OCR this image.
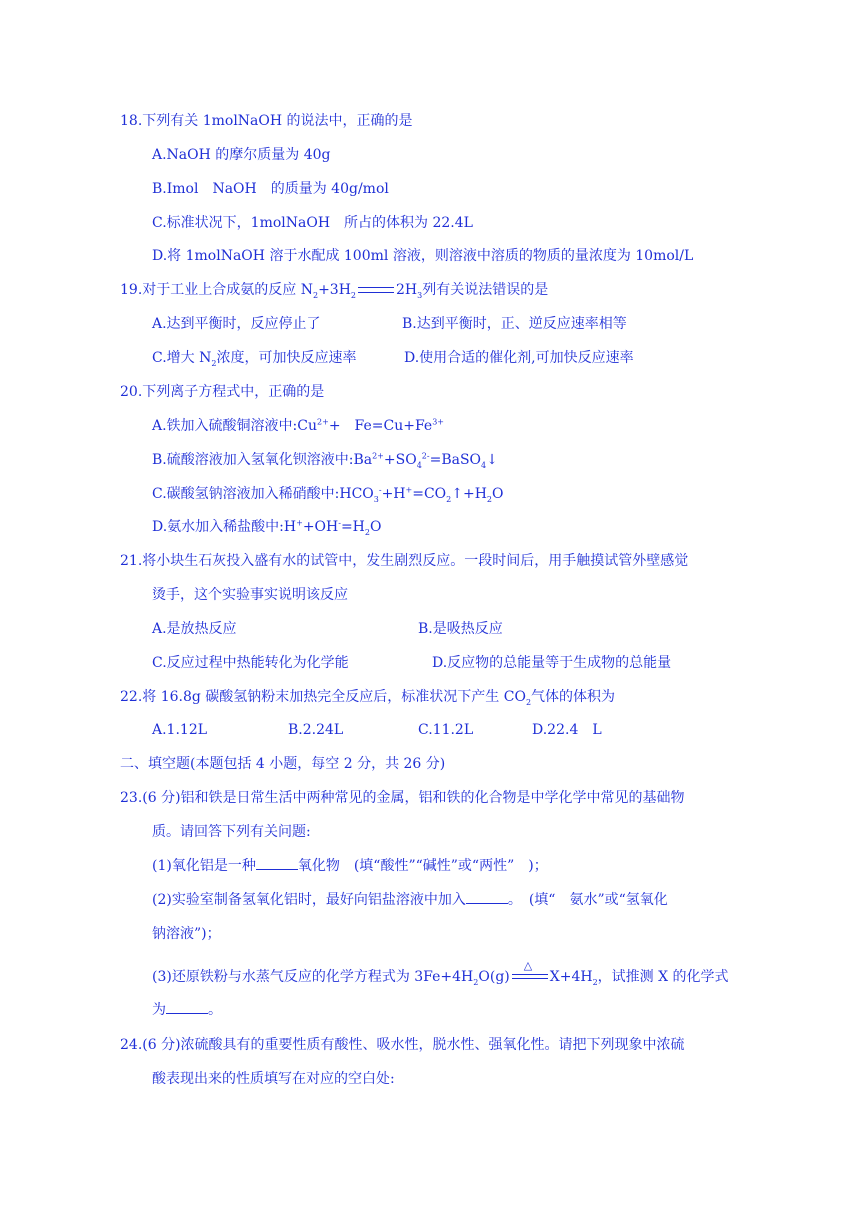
18.下列有关 1molNaOH 的说法中，正确的是
A.NaOH 的摩尔质量为 40g
B.Imol　NaOH　的质量为 40g/mol
C.标准状况下，1molNaOH　所占的体积为 22.4L
D.将 1molNaOH 溶于水配成 100ml 溶液，则溶液中溶质的物质的量浓度为 10mol/L
19.对于工业上合成氨的反应 $N_2+3H_2$	$2H_3$列有关说法错误的是
A.达到平衡时，反应停止了	B.达到平衡时，正、逆反应速率相等
C.增大 $N_2$浓度，可加快反应速率	D.使用合适的催化剂,可加快反应速率
20.下列离子方程式中，正确的是
A.铁加入硫酸铜溶液中$:Cu^{2+}+$　$Fe=Cu+Fe^{3+}$
B.硫酸溶液加入氢氧化钡溶液中$:Ba^{2+}+SO_4^{2-}=BaSO_4↓$
C.碳酸氢钠溶液加入稀硝酸中$:HCO_3^-+H^+=CO_2↑+H_2O$
D.氨水加入稀盐酸中$:H^++OH^-=H_2O$
21.将小块生石灰投入盛有水的试管中，发生剧烈反应。一段时间后，用手触摸试管外壁感觉
烫手，这个实验事实说明该反应
A.是放热反应	B.是吸热反应
C.反应过程中热能转化为化学能	D.反应物的总能量等于生成物的总能量
22.将 16.8g 碳酸氢钠粉末加热完全反应后，标准状况下产生 $CO_2$气体的体积为
A.1.12L	B.2.24L	C.11.2L	D.22.4　L
二、填空题(本题包括 4 小题，每空 2 分，共 26 分)
23.(6 分)铝和铁是日常生活中两种常见的金属，铝和铁的化合物是中学化学中常见的基础物
质。请回答下列有关问题:
(1)氧化铝是一种	氧化物　(填“酸性”“碱性”或“两性”　)；
(2)实验室制备氢氧化铝时，最好向铝盐溶液中加入	。　(填“　氨水”或“氢氧化
钠溶液”)；
(3)还原铁粉与水蒸气反应的化学方程式为 $3Fe+4H_2O(g)$
△
$X+4H_2$，试推测 X 的化学式
为	。
24.(6 分)浓硫酸具有的重要性质有酸性、吸水性，脱水性、强氧化性。请把下列现象中浓硫
酸表现出来的性质填写在对应的空白处:
